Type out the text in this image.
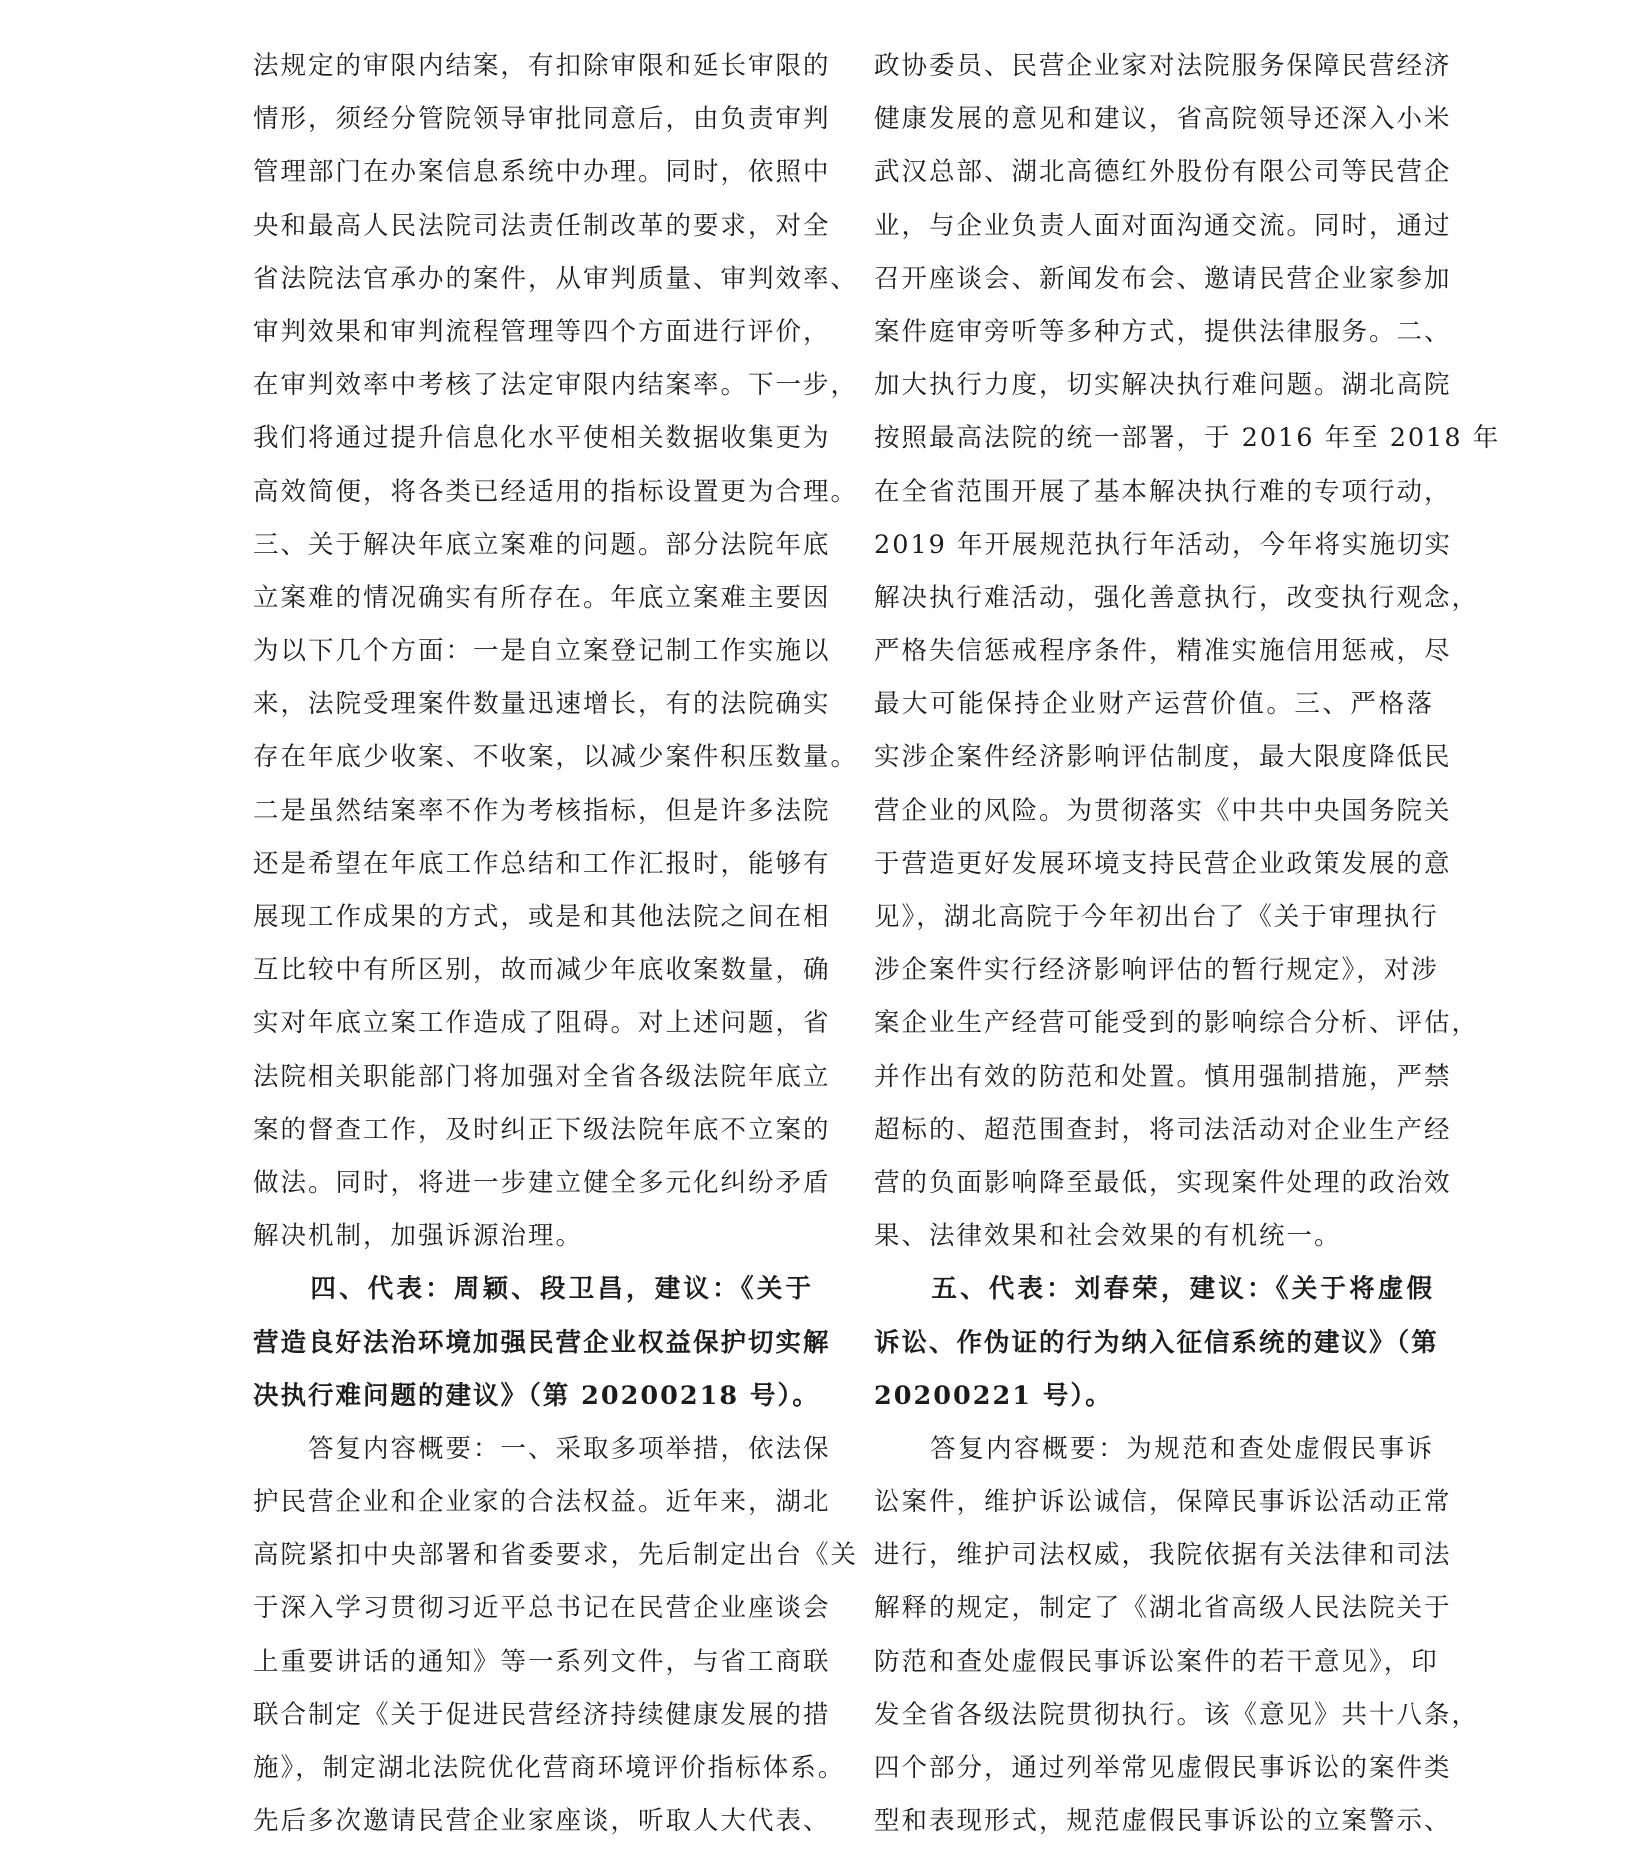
法规定的审限内结案，有扣除审限和延长审限的
情形，须经分管院领导审批同意后，由负责审判
管理部门在办案信息系统中办理。同时，依照中
央和最高人民法院司法责任制改革的要求，对全
省法院法官承办的案件，从审判质量、审判效率、
审判效果和审判流程管理等四个方面进行评价，
在审判效率中考核了法定审限内结案率。下一步，
我们将通过提升信息化水平使相关数据收集更为
高效简便，将各类已经适用的指标设置更为合理。
三、关于解决年底立案难的问题。部分法院年底
立案难的情况确实有所存在。年底立案难主要因
为以下几个方面：一是自立案登记制工作实施以
来，法院受理案件数量迅速增长，有的法院确实
存在年底少收案、不收案，以减少案件积压数量。
二是虽然结案率不作为考核指标，但是许多法院
还是希望在年底工作总结和工作汇报时，能够有
展现工作成果的方式，或是和其他法院之间在相
互比较中有所区别，故而减少年底收案数量，确
实对年底立案工作造成了阻碍。对上述问题，省
法院相关职能部门将加强对全省各级法院年底立
案的督查工作，及时纠正下级法院年底不立案的
做法。同时，将进一步建立健全多元化纠纷矛盾
解决机制，加强诉源治理。
　　四、代表：周颖、段卫昌，建议：《关于
营造良好法治环境加强民营企业权益保护切实解
决执行难问题的建议》（第 20200218 号）。
　　答复内容概要：一、采取多项举措，依法保
护民营企业和企业家的合法权益。近年来，湖北
高院紧扣中央部署和省委要求，先后制定出台《关
于深入学习贯彻习近平总书记在民营企业座谈会
上重要讲话的通知》等一系列文件，与省工商联
联合制定《关于促进民营经济持续健康发展的措
施》，制定湖北法院优化营商环境评价指标体系。
先后多次邀请民营企业家座谈，听取人大代表、
政协委员、民营企业家对法院服务保障民营经济
健康发展的意见和建议，省高院领导还深入小米
武汉总部、湖北高德红外股份有限公司等民营企
业，与企业负责人面对面沟通交流。同时，通过
召开座谈会、新闻发布会、邀请民营企业家参加
案件庭审旁听等多种方式，提供法律服务。二、
加大执行力度，切实解决执行难问题。湖北高院
按照最高法院的统一部署，于 2016 年至 2018 年
在全省范围开展了基本解决执行难的专项行动，
2019 年开展规范执行年活动，今年将实施切实
解决执行难活动，强化善意执行，改变执行观念，
严格失信惩戒程序条件，精准实施信用惩戒，尽
最大可能保持企业财产运营价值。三、严格落
实涉企案件经济影响评估制度，最大限度降低民
营企业的风险。为贯彻落实《中共中央国务院关
于营造更好发展环境支持民营企业政策发展的意
见》，湖北高院于今年初出台了《关于审理执行
涉企案件实行经济影响评估的暂行规定》，对涉
案企业生产经营可能受到的影响综合分析、评估，
并作出有效的防范和处置。慎用强制措施，严禁
超标的、超范围查封，将司法活动对企业生产经
营的负面影响降至最低，实现案件处理的政治效
果、法律效果和社会效果的有机统一。
　　五、代表：刘春荣，建议：《关于将虚假
诉讼、作伪证的行为纳入征信系统的建议》（第
20200221 号）。
　　答复内容概要：为规范和查处虚假民事诉
讼案件，维护诉讼诚信，保障民事诉讼活动正常
进行，维护司法权威，我院依据有关法律和司法
解释的规定，制定了《湖北省高级人民法院关于
防范和查处虚假民事诉讼案件的若干意见》，印
发全省各级法院贯彻执行。该《意见》共十八条，
四个部分，通过列举常见虚假民事诉讼的案件类
型和表现形式，规范虚假民事诉讼的立案警示、
